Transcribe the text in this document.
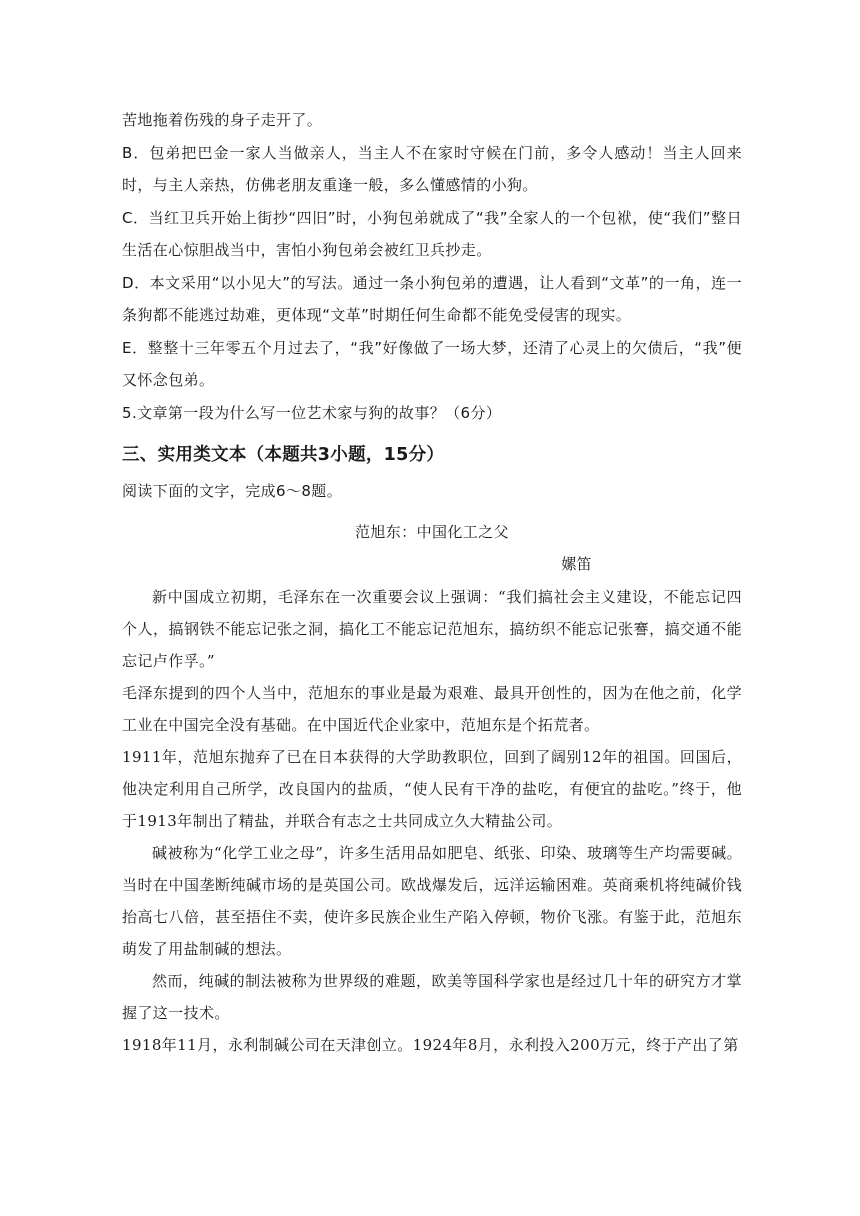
苦地拖着伤残的身子走开了。

B．包弟把巴金一家人当做亲人，当主人不在家时守候在门前，多令人感动！当主人回来时，与主人亲热，仿佛老朋友重逢一般，多么懂感情的小狗。

C．当红卫兵开始上街抄“四旧”时，小狗包弟就成了“我”全家人的一个包袱，使“我们”整日生活在心惊胆战当中，害怕小狗包弟会被红卫兵抄走。

D．本文采用“以小见大”的写法。通过一条小狗包弟的遭遇，让人看到“文革”的一角，连一条狗都不能逃过劫难，更体现“文革”时期任何生命都不能免受侵害的现实。

E．整整十三年零五个月过去了，“我”好像做了一场大梦，还清了心灵上的欠债后，“我”便又怀念包弟。

5.文章第一段为什么写一位艺术家与狗的故事？（6分）

三、实用类文本（本题共3小题，15分）

阅读下面的文字，完成6～8题。

范旭东：中国化工之父

嫘笛

新中国成立初期，毛泽东在一次重要会议上强调：“我们搞社会主义建设，不能忘记四个人，搞钢铁不能忘记张之洞，搞化工不能忘记范旭东，搞纺织不能忘记张謇，搞交通不能忘记卢作孚。”

毛泽东提到的四个人当中，范旭东的事业是最为艰难、最具开创性的，因为在他之前，化学工业在中国完全没有基础。在中国近代企业家中，范旭东是个拓荒者。

1911年，范旭东抛弃了已在日本获得的大学助教职位，回到了阔别12年的祖国。回国后，他决定利用自己所学，改良国内的盐质，“使人民有干净的盐吃，有便宜的盐吃。”终于，他于1913年制出了精盐，并联合有志之士共同成立久大精盐公司。

碱被称为“化学工业之母”，许多生活用品如肥皂、纸张、印染、玻璃等生产均需要碱。当时在中国垄断纯碱市场的是英国公司。欧战爆发后，远洋运输困难。英商乘机将纯碱价钱抬高七八倍，甚至捂住不卖，使许多民族企业生产陷入停顿，物价飞涨。有鉴于此，范旭东萌发了用盐制碱的想法。

然而，纯碱的制法被称为世界级的难题，欧美等国科学家也是经过几十年的研究方才掌握了这一技术。

1918年11月，永利制碱公司在天津创立。1924年8月，永利投入200万元，终于产出了第
